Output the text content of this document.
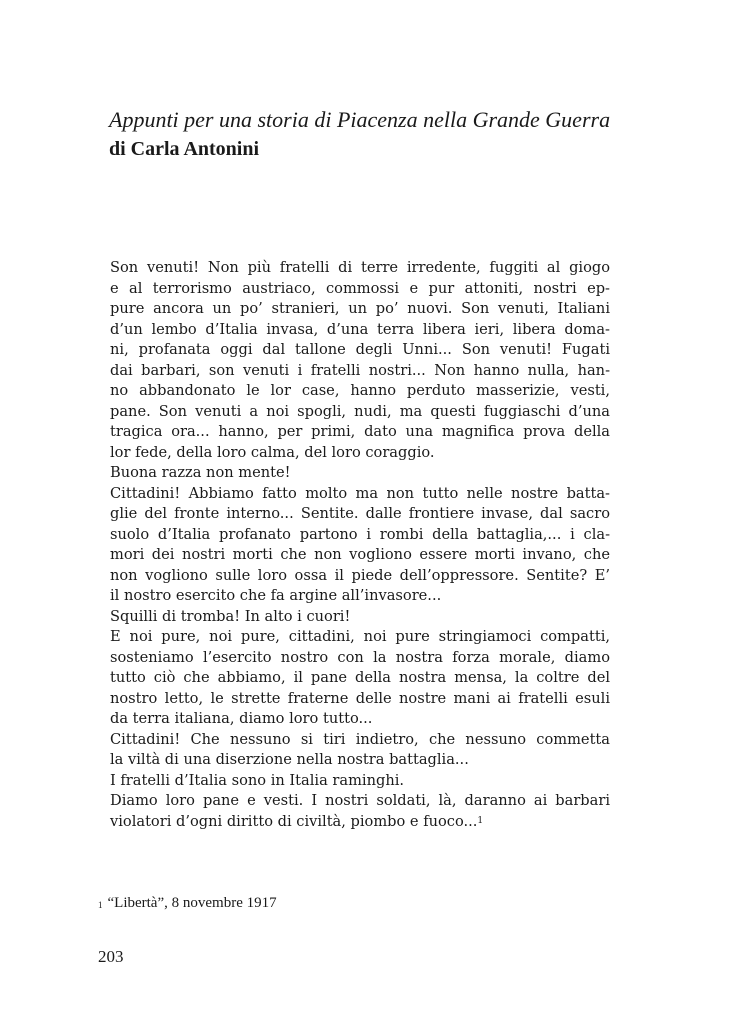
Appunti per una storia di Piacenza nella Grande Guerra
di Carla Antonini
Son venuti! Non più fratelli di terre irredente, fuggiti al giogo
e al terrorismo austriaco, commossi e pur attoniti, nostri ep-
pure ancora un po’ stranieri, un po’ nuovi. Son venuti, Italiani
d’un lembo d’Italia invasa, d’una terra libera ieri, libera doma-
ni, profanata oggi dal tallone degli Unni... Son venuti! Fugati
dai barbari, son venuti i fratelli nostri... Non hanno nulla, han-
no abbandonato le lor case, hanno perduto masserizie, vesti,
pane. Son venuti a noi spogli, nudi, ma questi fuggiaschi d’una
tragica ora... hanno, per primi, dato una magnifica prova della
lor fede, della loro calma, del loro coraggio.
Buona razza non mente!
Cittadini! Abbiamo fatto molto ma non tutto nelle nostre batta-
glie del fronte interno... Sentite. dalle frontiere invase, dal sacro
suolo d’Italia profanato partono i rombi della battaglia,... i cla-
mori dei nostri morti che non vogliono essere morti invano, che
non vogliono sulle loro ossa il piede dell’oppressore. Sentite? E’
il nostro esercito che fa argine all’invasore...
Squilli di tromba! In alto i cuori!
E noi pure, noi pure, cittadini, noi pure stringiamoci compatti,
sosteniamo l’esercito nostro con la nostra forza morale, diamo
tutto ciò che abbiamo, il pane della nostra mensa, la coltre del
nostro letto, le strette fraterne delle nostre mani ai fratelli esuli
da terra italiana, diamo loro tutto...
Cittadini! Che nessuno si tiri indietro, che nessuno commetta
la viltà di una diserzione nella nostra battaglia...
I fratelli d’Italia sono in Italia raminghi.
Diamo loro pane e vesti. I nostri soldati, là, daranno ai barbari
violatori d’ogni diritto di civiltà, piombo e fuoco...$^1$

$^1$ “Libertà”, 8 novembre 1917

203
